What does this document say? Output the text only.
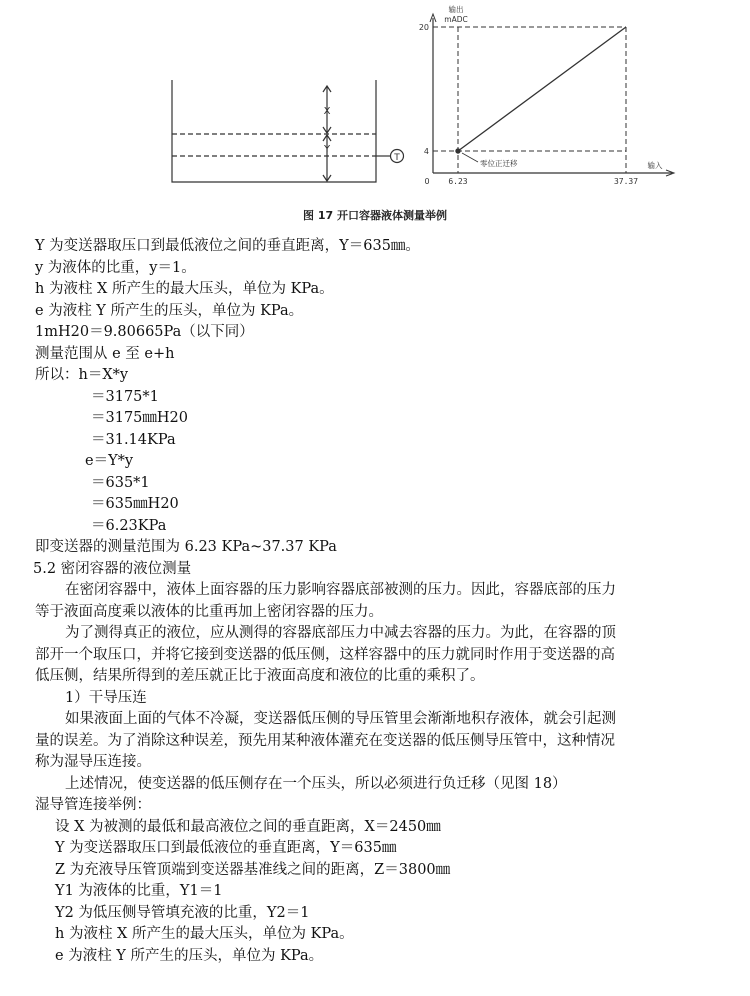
X
Y
T
输出
mADC
20
4
0 6.23	37.37
输入
零位正迁移
图 17 开口容器液体测量举例
Y 为变送器取压口到最低液位之间的垂直距离，Y＝635㎜。
y 为液体的比重，y＝1。
h 为液柱 X 所产生的最大压头，单位为 KPa。
e 为液柱 Y 所产生的压头，单位为 KPa。
1mH20＝9.80665Pa（以下同）
测量范围从 e 至 e+h
所以：h＝X*y
＝3175*1
＝3175㎜H20
＝31.14KPa
e＝Y*y
＝635*1
＝635㎜H20
＝6.23KPa
即变送器的测量范围为 6.23 KPa~37.37 KPa
5.2 密闭容器的液位测量
在密闭容器中，液体上面容器的压力影响容器底部被测的压力。因此，容器底部的压力
等于液面高度乘以液体的比重再加上密闭容器的压力。
为了测得真正的液位，应从测得的容器底部压力中减去容器的压力。为此，在容器的顶
部开一个取压口，并将它接到变送器的低压侧，这样容器中的压力就同时作用于变送器的高
低压侧，结果所得到的差压就正比于液面高度和液位的比重的乘积了。
1）干导压连
如果液面上面的气体不冷凝，变送器低压侧的导压管里会渐渐地积存液体，就会引起测
量的误差。为了消除这种误差，预先用某种液体灌充在变送器的低压侧导压管中，这种情况
称为湿导压连接。
上述情况，使变送器的低压侧存在一个压头，所以必须进行负迁移（见图 18）
湿导管连接举例：
设 X 为被测的最低和最高液位之间的垂直距离，X＝2450㎜
Y 为变送器取压口到最低液位的垂直距离，Y＝635㎜
Z 为充液导压管顶端到变送器基准线之间的距离，Z＝3800㎜
Y1 为液体的比重，Y1＝1
Y2 为低压侧导管填充液的比重，Y2＝1
h 为液柱 X 所产生的最大压头，单位为 KPa。
e 为液柱 Y 所产生的压头，单位为 KPa。
